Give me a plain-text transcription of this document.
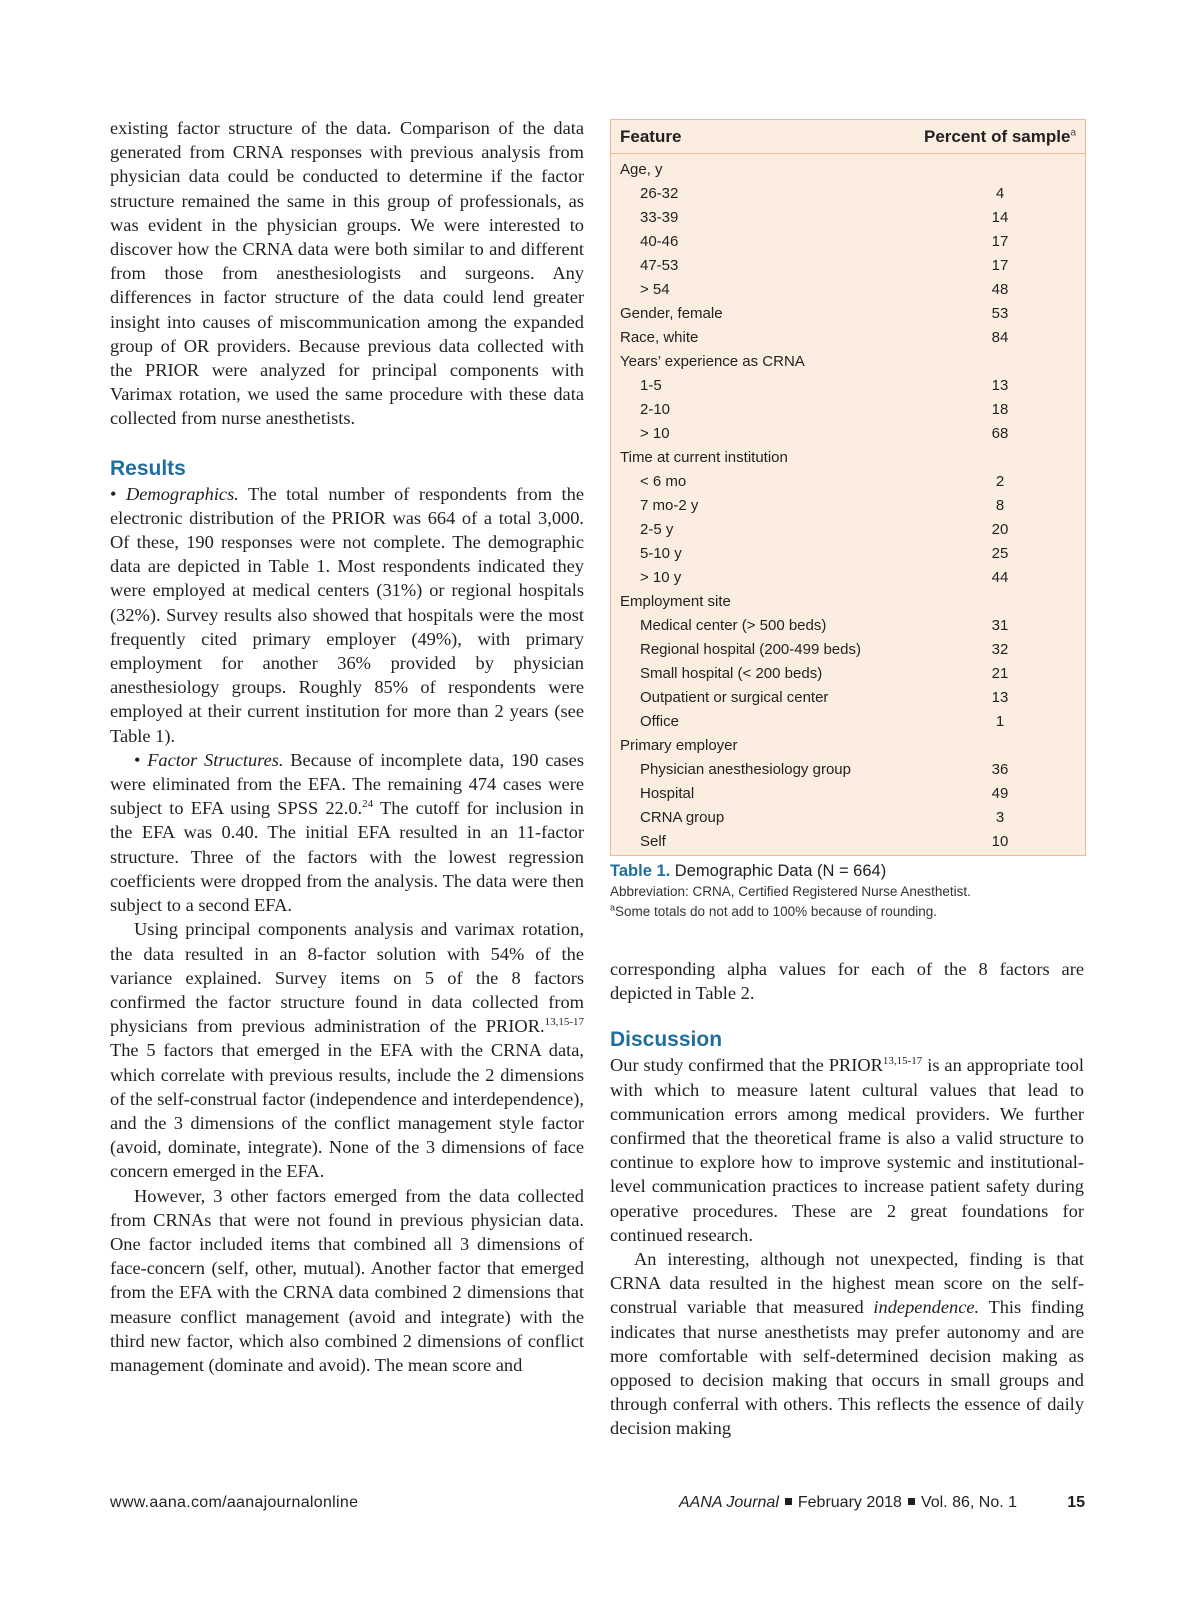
existing factor structure of the data. Comparison of the data generated from CRNA responses with previous analysis from physician data could be conducted to determine if the factor structure remained the same in this group of professionals, as was evident in the physician groups. We were interested to discover how the CRNA data were both similar to and different from those from anesthesiologists and surgeons. Any differences in factor structure of the data could lend greater insight into causes of miscommunication among the expanded group of OR providers. Because previous data collected with the PRIOR were analyzed for principal components with Varimax rotation, we used the same procedure with these data collected from nurse anesthetists.

Results

• Demographics. The total number of respondents from the electronic distribution of the PRIOR was 664 of a total 3,000. Of these, 190 responses were not complete. The demographic data are depicted in Table 1. Most respondents indicated they were employed at medical centers (31%) or regional hospitals (32%). Survey results also showed that hospitals were the most frequently cited primary employer (49%), with primary employment for another 36% provided by physician anesthesiology groups. Roughly 85% of respondents were employed at their current institution for more than 2 years (see Table 1).

• Factor Structures. Because of incomplete data, 190 cases were eliminated from the EFA. The remaining 474 cases were subject to EFA using SPSS 22.0.24 The cutoff for inclusion in the EFA was 0.40. The initial EFA resulted in an 11-factor structure. Three of the factors with the lowest regression coefficients were dropped from the analysis. The data were then subject to a second EFA.

Using principal components analysis and varimax rotation, the data resulted in an 8-factor solution with 54% of the variance explained. Survey items on 5 of the 8 factors confirmed the factor structure found in data collected from physicians from previous administration of the PRIOR.$^{13,15-17}$ The 5 factors that emerged in the EFA with the CRNA data, which correlate with previous results, include the 2 dimensions of the self-construal factor (independence and interdependence), and the 3 dimensions of the conflict management style factor (avoid, dominate, integrate). None of the 3 dimensions of face concern emerged in the EFA.

However, 3 other factors emerged from the data collected from CRNAs that were not found in previous physician data. One factor included items that combined all 3 dimensions of face-concern (self, other, mutual). Another factor that emerged from the EFA with the CRNA data combined 2 dimensions that measure conflict management (avoid and integrate) with the third new factor, which also combined 2 dimensions of conflict management (dominate and avoid). The mean score and

Feature	Percent of sample$^a$
Age, y
26-32	4
33-39	14
40-46	17
47-53	17
> 54	48
Gender, female	53
Race, white	84
Years’ experience as CRNA
1-5	13
2-10	18
> 10	68
Time at current institution
< 6 mo	2
7 mo-2 y	8
2-5 y	20
5-10 y	25
> 10 y	44
Employment site
Medical center (> 500 beds)	31
Regional hospital (200-499 beds)	32
Small hospital (< 200 beds)	21
Outpatient or surgical center	13
Office	1
Primary employer
Physician anesthesiology group	36
Hospital	49
CRNA group	3
Self	10
Table 1. Demographic Data (N = 664)
Abbreviation: CRNA, Certified Registered Nurse Anesthetist.
$^a$Some totals do not add to 100% because of rounding.

corresponding alpha values for each of the 8 factors are depicted in Table 2.

Discussion

Our study confirmed that the PRIOR$^{13,15-17}$ is an appropriate tool with which to measure latent cultural values that lead to communication errors among medical providers. We further confirmed that the theoretical frame is also a valid structure to continue to explore how to improve systemic and institutional-level communication practices to increase patient safety during operative procedures. These are 2 great foundations for continued research.

An interesting, although not unexpected, finding is that CRNA data resulted in the highest mean score on the self-construal variable that measured independence. This finding indicates that nurse anesthetists may prefer autonomy and are more comfortable with self-determined decision making as opposed to decision making that occurs in small groups and through conferral with others. This reflects the essence of daily decision making

www.aana.com/aanajournalonline	AANA Journal February 2018 Vol. 86, No. 1	15
